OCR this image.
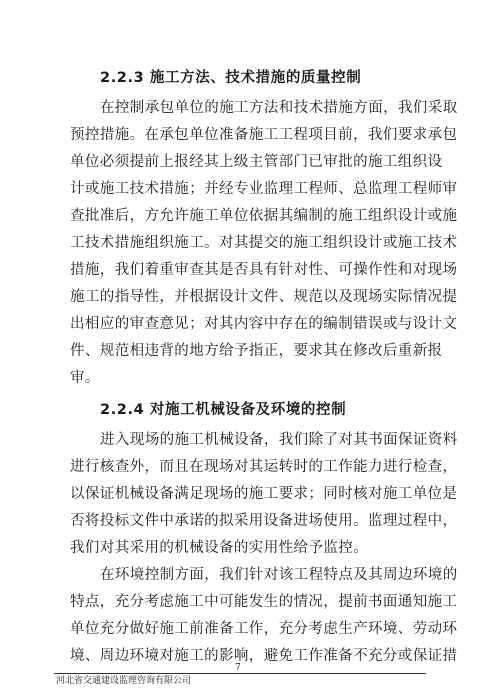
2.2.3 施工方法、技术措施的质量控制
在控制承包单位的施工方法和技术措施方面，我们采取
预控措施。在承包单位准备施工工程项目前，我们要求承包
单位必须提前上报经其上级主管部门已审批的施工组织设
计或施工技术措施；并经专业监理工程师、总监理工程师审
查批准后，方允许施工单位依据其编制的施工组织设计或施
工技术措施组织施工。对其提交的施工组织设计或施工技术
措施，我们着重审查其是否具有针对性、可操作性和对现场
施工的指导性，并根据设计文件、规范以及现场实际情况提
出相应的审查意见；对其内容中存在的编制错误或与设计文
件、规范相违背的地方给予指正，要求其在修改后重新报
审。
2.2.4 对施工机械设备及环境的控制
进入现场的施工机械设备，我们除了对其书面保证资料
进行核查外，而且在现场对其运转时的工作能力进行检查，
以保证机械设备满足现场的施工要求；同时核对施工单位是
否将投标文件中承诺的拟采用设备进场使用。监理过程中，
我们对其采用的机械设备的实用性给予监控。
在环境控制方面，我们针对该工程特点及其周边环境的
特点，充分考虑施工中可能发生的情况，提前书面通知施工
单位充分做好施工前准备工作，充分考虑生产环境、劳动环
境、周边环境对施工的影响，避免工作准备不充分或保证措
7
河北省交通建设监理咨询有限公司
